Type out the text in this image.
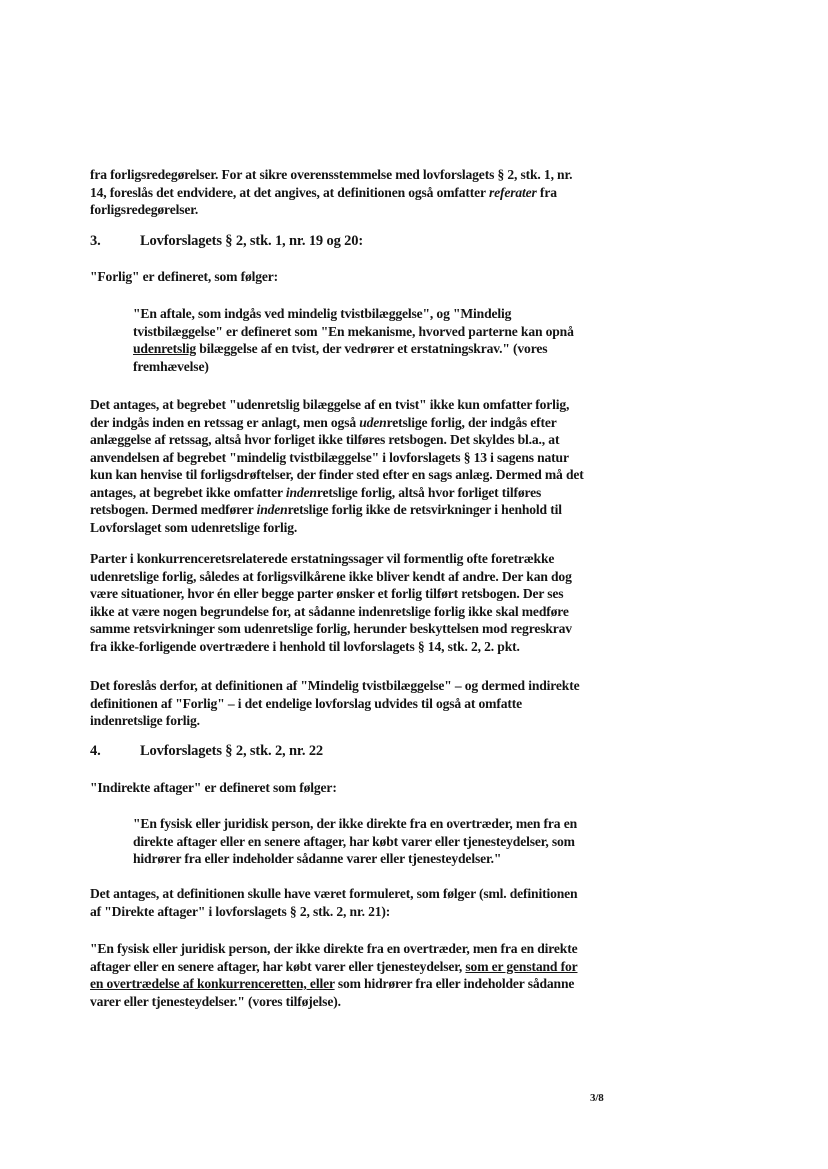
fra forligsredegørelser. For at sikre overensstemmelse med lovforslagets § 2, stk. 1, nr. 14, foreslås det endvidere, at det angives, at definitionen også omfatter referater fra forligsredegørelser.

3.	Lovforslagets § 2, stk. 1, nr. 19 og 20:

"Forlig" er defineret, som følger:

"En aftale, som indgås ved mindelig tvistbilæggelse", og "Mindelig tvistbilæggelse" er defineret som "En mekanisme, hvorved parterne kan opnå udenretslig bilæggelse af en tvist, der vedrører et erstatningskrav." (vores fremhævelse)

Det antages, at begrebet "udenretslig bilæggelse af en tvist" ikke kun omfatter forlig, der indgås inden en retssag er anlagt, men også udenretslige forlig, der indgås efter anlæggelse af retssag, altså hvor forliget ikke tilføres retsbogen. Det skyldes bl.a., at anvendelsen af begrebet "mindelig tvistbilæggelse" i lovforslagets § 13 i sagens natur kun kan henvise til forligsdrøftelser, der finder sted efter en sags anlæg. Dermed må det antages, at begrebet ikke omfatter indenretslige forlig, altså hvor forliget tilføres retsbogen. Dermed medfører indenretslige forlig ikke de retsvirkninger i henhold til Lovforslaget som udenretslige forlig.

Parter i konkurrenceretsrelaterede erstatningssager vil formentlig ofte foretrække udenretslige forlig, således at forligsvilkårene ikke bliver kendt af andre. Der kan dog være situationer, hvor én eller begge parter ønsker et forlig tilført retsbogen. Der ses ikke at være nogen begrundelse for, at sådanne indenretslige forlig ikke skal medføre samme retsvirkninger som udenretslige forlig, herunder beskyttelsen mod regreskrav fra ikke-forligende overtrædere i henhold til lovforslagets § 14, stk. 2, 2. pkt.

Det foreslås derfor, at definitionen af "Mindelig tvistbilæggelse" – og dermed indirekte definitionen af "Forlig" – i det endelige lovforslag udvides til også at omfatte indenretslige forlig.

4.	Lovforslagets § 2, stk. 2, nr. 22

"Indirekte aftager" er defineret som følger:

"En fysisk eller juridisk person, der ikke direkte fra en overtræder, men fra en direkte aftager eller en senere aftager, har købt varer eller tjenesteydelser, som hidrører fra eller indeholder sådanne varer eller tjenesteydelser."

Det antages, at definitionen skulle have været formuleret, som følger (sml. definitionen af "Direkte aftager" i lovforslagets § 2, stk. 2, nr. 21):

"En fysisk eller juridisk person, der ikke direkte fra en overtræder, men fra en direkte aftager eller en senere aftager, har købt varer eller tjenesteydelser, som er genstand for en overtrædelse af konkurrenceretten, eller som hidrører fra eller indeholder sådanne varer eller tjenesteydelser." (vores tilføjelse).

3/8
